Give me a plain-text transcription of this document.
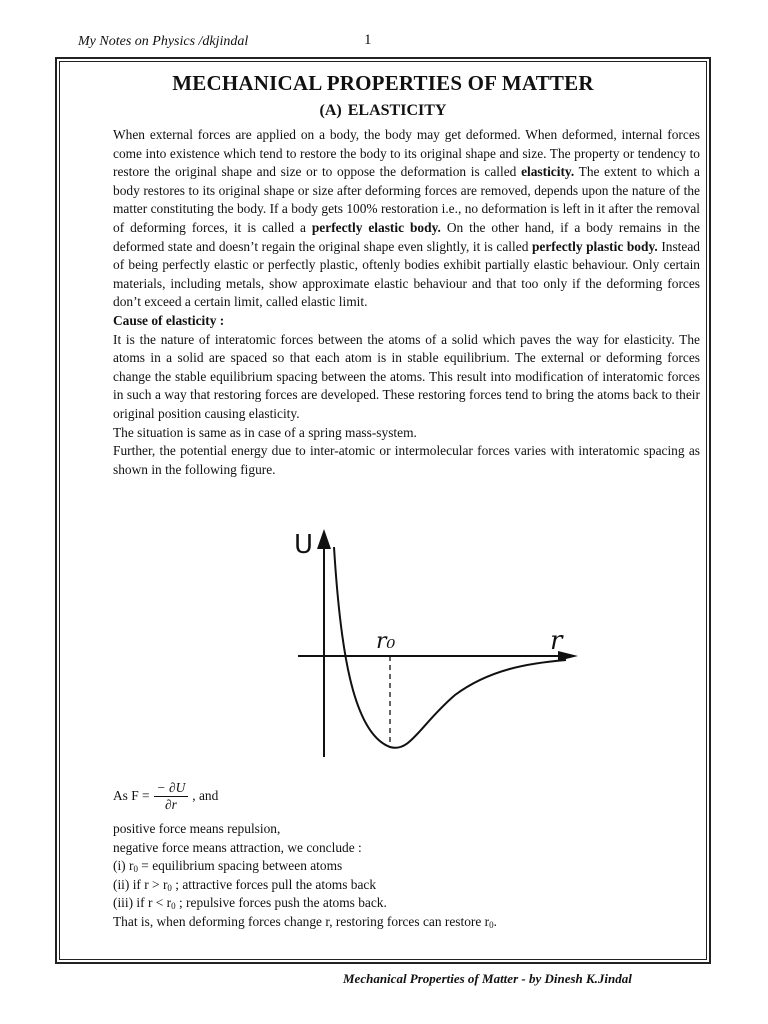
My Notes on Physics /dkjindal	1
MECHANICAL PROPERTIES OF MATTER
(A) ELASTICITY

When external forces are applied on a body, the body may get deformed. When deformed, internal forces come into existence which tend to restore the body to its original shape and size. The property or tendency to restore the original shape and size or to oppose the deformation is called elasticity. The extent to which a body restores to its original shape or size after deforming forces are removed, depends upon the nature of the matter constituting the body. If a body gets 100% restoration i.e., no deformation is left in it after the removal of deforming forces, it is called a perfectly elastic body. On the other hand, if a body remains in the deformed state and doesn’t regain the original shape even slightly, it is called perfectly plastic body. Instead of being perfectly elastic or perfectly plastic, oftenly bodies exhibit partially elastic behaviour. Only certain materials, including metals, show approximate elastic behaviour and that too only if the deforming forces don’t exceed a certain limit, called elastic limit.

Cause of elasticity :

It is the nature of interatomic forces between the atoms of a solid which paves the way for elasticity. The atoms in a solid are spaced so that each atom is in stable equilibrium. The external or deforming forces change the stable equilibrium spacing between the atoms. This result into modification of interatomic forces in such a way that restoring forces are developed. These restoring forces tend to bring the atoms back to their original position causing elasticity.

The situation is same as in case of a spring mass-system.

Further, the potential energy due to inter-atomic or intermolecular forces varies with interatomic spacing as shown in the following figure.

U
r
r₀
As $F = \frac{- \partial U}{\partial r}$ , and

positive force means repulsion,

negative force means attraction, we conclude :

(i) $r_0$ = equilibrium spacing between atoms

(ii) if $r > r_0$ ; attractive forces pull the atoms back

(iii) if $r < r_0$ ; repulsive forces push the atoms back.

That is, when deforming forces change r, restoring forces can restore $r_0$.

Mechanical Properties of Matter - by Dinesh K.Jindal
